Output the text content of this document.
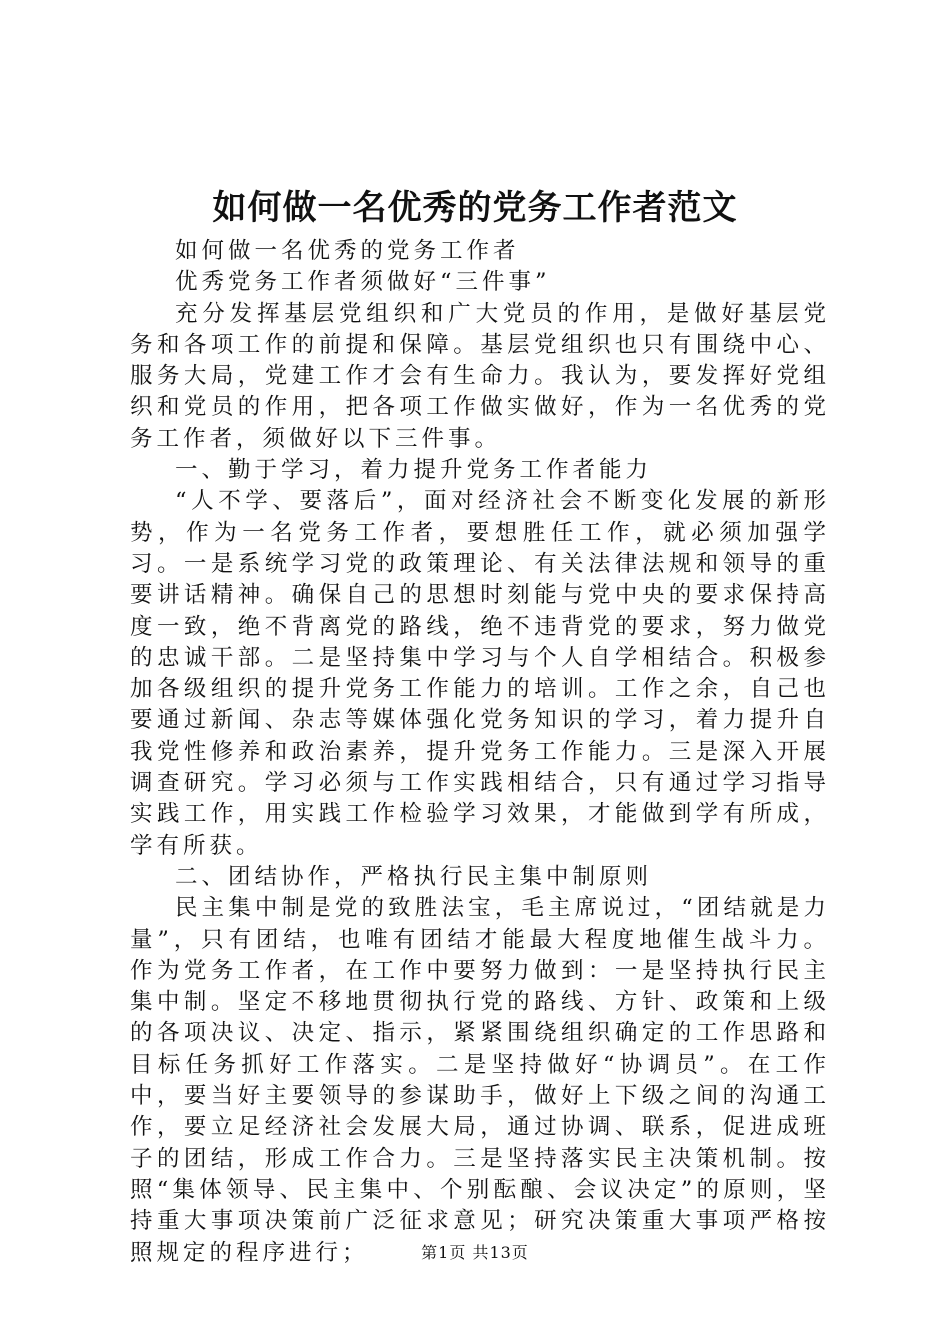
如何做一名优秀的党务工作者范文

如何做一名优秀的党务工作者

优秀党务工作者须做好“三件事”

充分发挥基层党组织和广大党员的作用，是做好基层党务和各项工作的前提和保障。基层党组织也只有围绕中心、服务大局，党建工作才会有生命力。我认为，要发挥好党组织和党员的作用，把各项工作做实做好，作为一名优秀的党务工作者，须做好以下三件事。

一、勤于学习，着力提升党务工作者能力

“人不学、要落后”，面对经济社会不断变化发展的新形势，作为一名党务工作者，要想胜任工作，就必须加强学习。一是系统学习党的政策理论、有关法律法规和领导的重要讲话精神。确保自己的思想时刻能与党中央的要求保持高度一致，绝不背离党的路线，绝不违背党的要求，努力做党的忠诚干部。二是坚持集中学习与个人自学相结合。积极参加各级组织的提升党务工作能力的培训。工作之余，自己也要通过新闻、杂志等媒体强化党务知识的学习，着力提升自我党性修养和政治素养，提升党务工作能力。三是深入开展调查研究。学习必须与工作实践相结合，只有通过学习指导实践工作，用实践工作检验学习效果，才能做到学有所成，学有所获。

二、团结协作，严格执行民主集中制原则

民主集中制是党的致胜法宝，毛主席说过，“团结就是力量”，只有团结，也唯有团结才能最大程度地催生战斗力。作为党务工作者，在工作中要努力做到：一是坚持执行民主集中制。坚定不移地贯彻执行党的路线、方针、政策和上级的各项决议、决定、指示，紧紧围绕组织确定的工作思路和目标任务抓好工作落实。二是坚持做好“协调员”。在工作中，要当好主要领导的参谋助手，做好上下级之间的沟通工作，要立足经济社会发展大局，通过协调、联系，促进成班子的团结，形成工作合力。三是坚持落实民主决策机制。按照“集体领导、民主集中、个别酝酿、会议决定”的原则，坚持重大事项决策前广泛征求意见；研究决策重大事项严格按照规定的程序进行；	第1页 共13页
